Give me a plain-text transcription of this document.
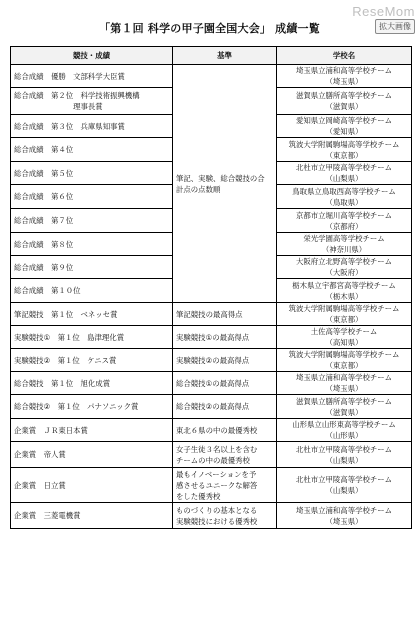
「第１回 科学の甲子園全国大会」 成績一覧
ReseMom
拡大画像
競技・成績	基準	学校名
総合成績　優勝　文部科学大臣賞	筆記、実験、総合競技の合
計点の点数順	埼玉県立浦和高等学校チーム
（埼玉県）
総合成績　第２位　科学技術振興機構
　　　　　　　　理事長賞		滋賀県立膳所高等学校チーム
（滋賀県）
総合成績　第３位　兵庫県知事賞		愛知県立岡崎高等学校チーム
（愛知県）
総合成績　第４位		筑波大学附属駒場高等学校チーム
（東京都）
総合成績　第５位		北杜市立甲陵高等学校チーム
（山梨県）
総合成績　第６位		鳥取県立鳥取西高等学校チーム
（鳥取県）
総合成績　第７位		京都市立堀川高等学校チーム
（京都府）
総合成績　第８位		栄光学園高等学校チーム
（神奈川県）
総合成績　第９位		大阪府立北野高等学校チーム
（大阪府）
総合成績　第１０位		栃木県立宇都宮高等学校チーム
（栃木県）
筆記競技　第１位　ベネッセ賞	筆記競技の最高得点	筑波大学附属駒場高等学校チーム
（東京都）
実験競技①　第１位　島津理化賞	実験競技①の最高得点	土佐高等学校チーム
（高知県）
実験競技②　第１位　ケニス賞	実験競技②の最高得点	筑波大学附属駒場高等学校チーム
（東京都）
総合競技　第１位　旭化成賞	総合競技①の最高得点	埼玉県立浦和高等学校チーム
（埼玉県）
総合競技②　第１位　パナソニック賞	総合競技②の最高得点	滋賀県立膳所高等学校チーム
（滋賀県）
企業賞　ＪＲ東日本賞	東北６県の中の最優秀校	山形県立山形東高等学校チーム
（山形県）
企業賞　帝人賞	女子生徒３名以上を含む
チームの中の最優秀校	北杜市立甲陵高等学校チーム
（山梨県）
企業賞　日立賞	最もイノベーションを予
感させるユニークな解答
をした優秀校	北杜市立甲陵高等学校チーム
（山梨県）
企業賞　三菱電機賞	ものづくりの基本となる
実験競技における優秀校	埼玉県立浦和高等学校チーム
（埼玉県）
